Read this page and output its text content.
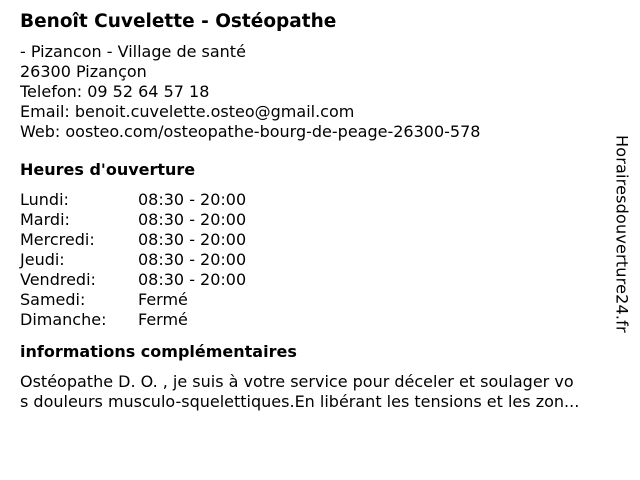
Benoît Cuvelette - Ostéopathe
- Pizancon - Village de santé
26300 Pizançon
Telefon: 09 52 64 57 18
Email: benoit.cuvelette.osteo@gmail.com
Web: oosteo.com/osteopathe-bourg-de-peage-26300-578
Heures d'ouverture
Lundi:	08:30 - 20:00
Mardi:	08:30 - 20:00
Mercredi:	08:30 - 20:00
Jeudi:	08:30 - 20:00
Vendredi:	08:30 - 20:00
Samedi:	Fermé
Dimanche:	Fermé
informations complémentaires
Ostéopathe D. O. , je suis à votre service pour déceler et soulager vo
s douleurs musculo-squelettiques.En libérant les tensions et les zon...
Horairesdouverture24.fr
